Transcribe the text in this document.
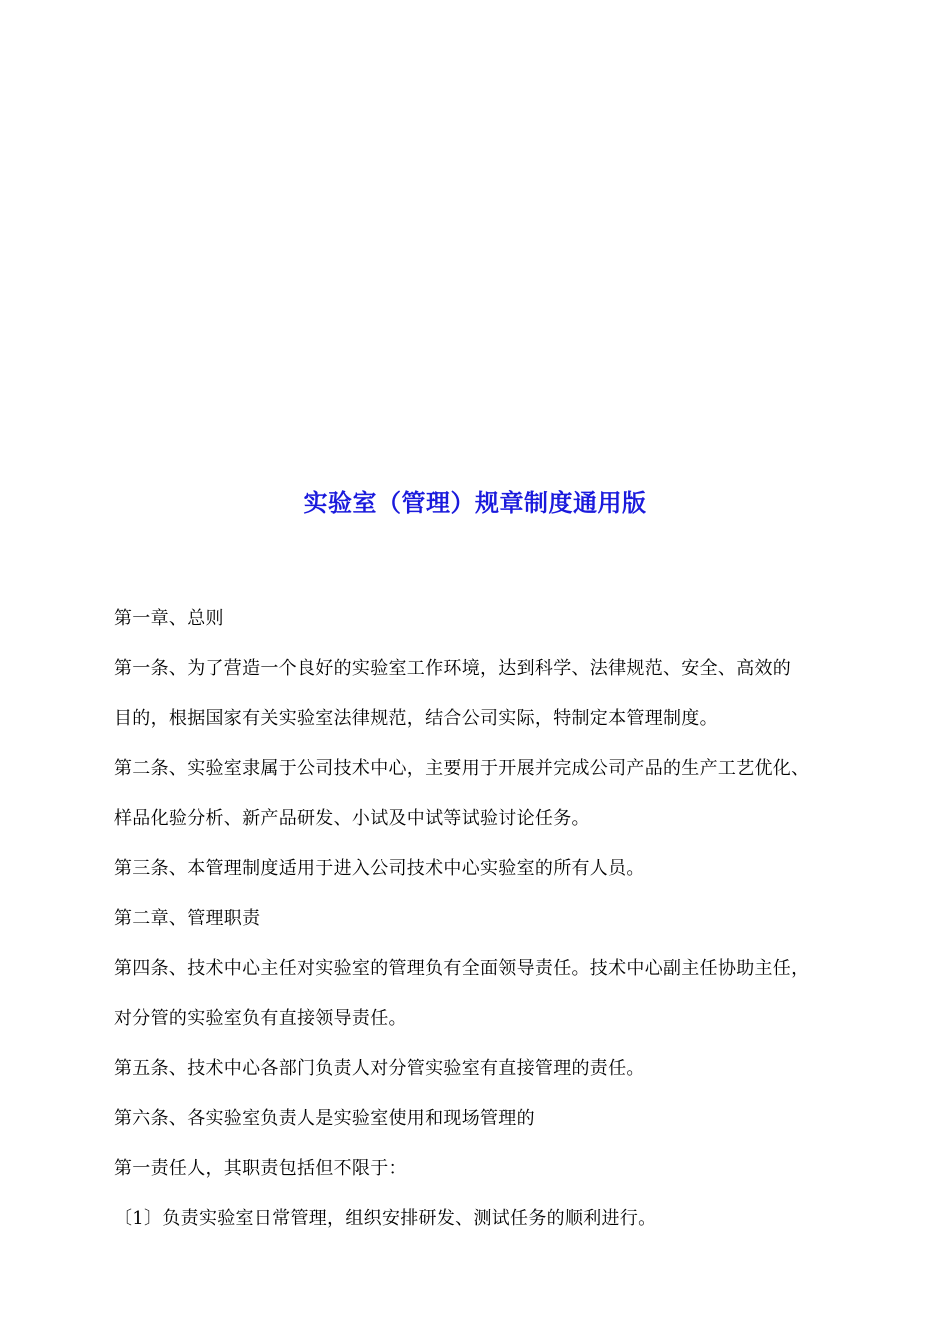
实验室（管理）规章制度通用版
第一章、总则
第一条、为了营造一个良好的实验室工作环境，达到科学、法律规范、安全、高效的
目的，根据国家有关实验室法律规范，结合公司实际，特制定本管理制度。
第二条、实验室隶属于公司技术中心，主要用于开展并完成公司产品的生产工艺优化、
样品化验分析、新产品研发、小试及中试等试验讨论任务。
第三条、本管理制度适用于进入公司技术中心实验室的所有人员。
第二章、管理职责
第四条、技术中心主任对实验室的管理负有全面领导责任。技术中心副主任协助主任，
对分管的实验室负有直接领导责任。
第五条、技术中心各部门负责人对分管实验室有直接管理的责任。
第六条、各实验室负责人是实验室使用和现场管理的
第一责任人，其职责包括但不限于：
〔1〕负责实验室日常管理，组织安排研发、测试任务的顺利进行。
